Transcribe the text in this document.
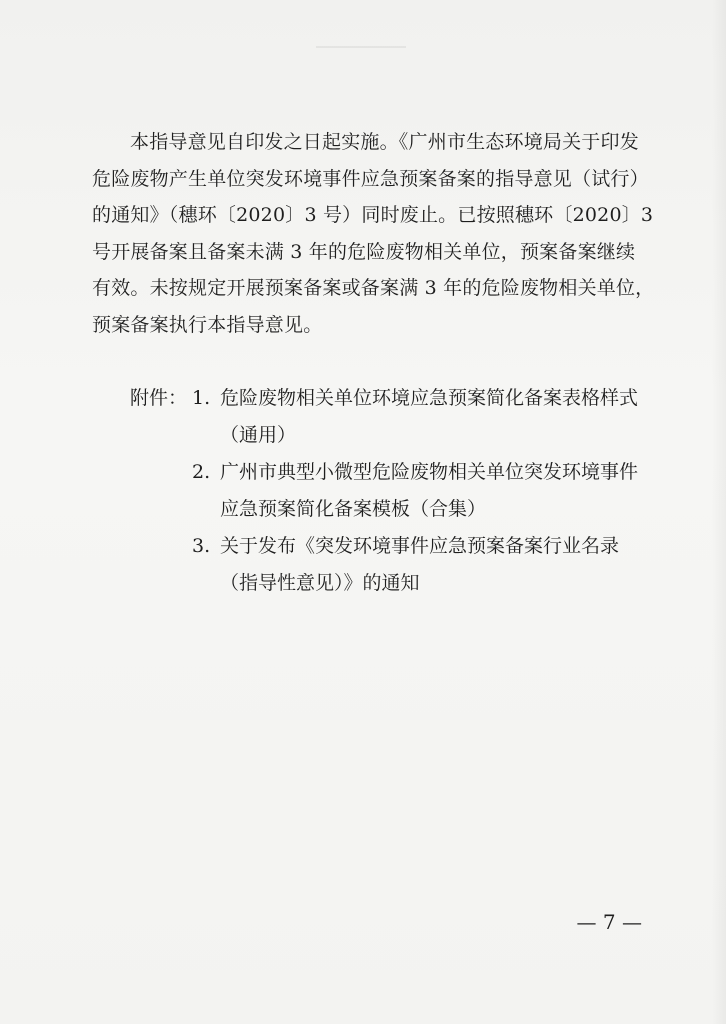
本指导意见自印发之日起实施。《广州市生态环境局关于印发
危险废物产生单位突发环境事件应急预案备案的指导意见（试行）
的通知》（穗环〔2020〕3 号）同时废止。已按照穗环〔2020〕3
号开展备案且备案未满 3 年的危险废物相关单位，预案备案继续
有效。未按规定开展预案备案或备案满 3 年的危险废物相关单位，
预案备案执行本指导意见。
附件： 1. 危险废物相关单位环境应急预案简化备案表格样式
（通用）
2. 广州市典型小微型危险废物相关单位突发环境事件
应急预案简化备案模板（合集）
3. 关于发布《突发环境事件应急预案备案行业名录
（指导性意见）》的通知
— 7 —
